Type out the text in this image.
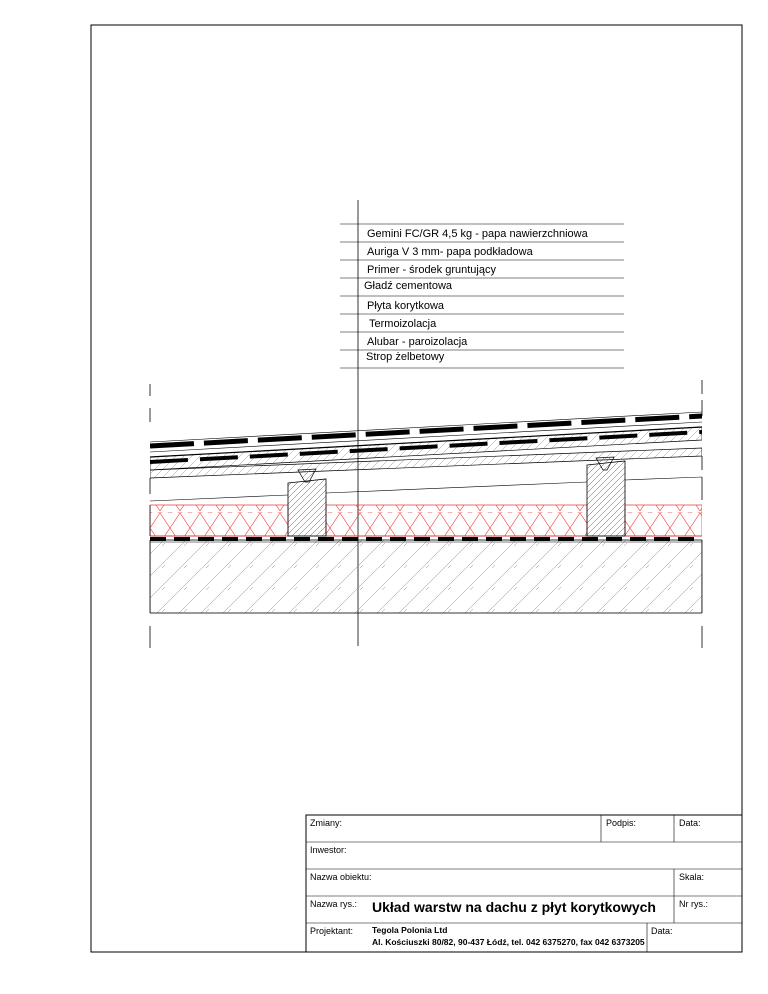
Gemini FC/GR 4,5 kg - papa nawierzchniowa
Auriga V 3 mm- papa podkładowa
Primer - środek gruntujący
Gładź cementowa
Płyta korytkowa
Termoizolacja
Alubar - paroizolacja
Strop żelbetowy
Zmiany:	Podpis:	Data:
Inwestor:
Nazwa obiektu:	Skala:
Nazwa rys.: Układ warstw na dachu z płyt korytkowych	Nr rys.:
Projektant: Tegola Polonia Ltd
Al. Kościuszki 80/82, 90-437 Łódź, tel. 042 6375270, fax 042 6373205
Data:
